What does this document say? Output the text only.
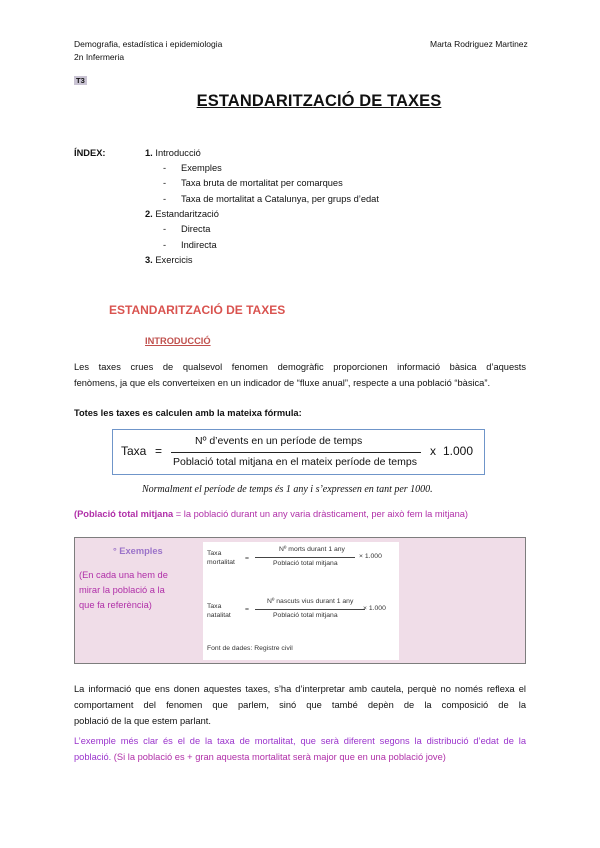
Demografia, estadística i epidemiologia
2n Infermeria
Marta Rodriguez Martinez
T3
ESTANDARITZACIÓ DE TAXES
ÍNDEX:	1. Introducció
- Exemples
- Taxa bruta de mortalitat per comarques
- Taxa de mortalitat a Catalunya, per grups d’edat
2. Estandarització
- Directa
- Indirecta
3. Exercicis
ESTANDARITZACIÓ DE TAXES
INTRODUCCIÓ
Les taxes crues de qualsevol fenomen demogràfic proporcionen informació bàsica d’aquests
fenòmens, ja que els converteixen en un indicador de “fluxe anual”, respecte a una població “bàsica”.
Totes les taxes es calculen amb la mateixa fórmula:
Taxa =
Nº d’events en un període de temps
Població total mitjana en el mateix període de temps
x 1.000
Normalment el període de temps és 1 any i s’expressen en tant per 1000.
(Població total mitjana = la població durant un any varia dràsticament, per això fem la mitjana)
° Exemples
(En cada una hem de
mirar la població a la
que fa referència)
Taxa
mortalitat
=
Nº morts durant 1 any
Població total mitjana
× 1.000
Taxa
natalitat
=
Nº nascuts vius durant 1 any
Població total mitjana
× 1.000
Font de dades: Registre civil
La informació que ens donen aquestes taxes, s’ha d’interpretar amb cautela, perquè no només reflexa el comportament del fenomen que parlem, sinó que també depèn de la composició de la
població de la que estem parlant.
L’exemple més clar és el de la taxa de mortalitat, que serà diferent segons la distribució d’edat de la
població. (Si la població es + gran aquesta mortalitat serà major que en una població jove)
